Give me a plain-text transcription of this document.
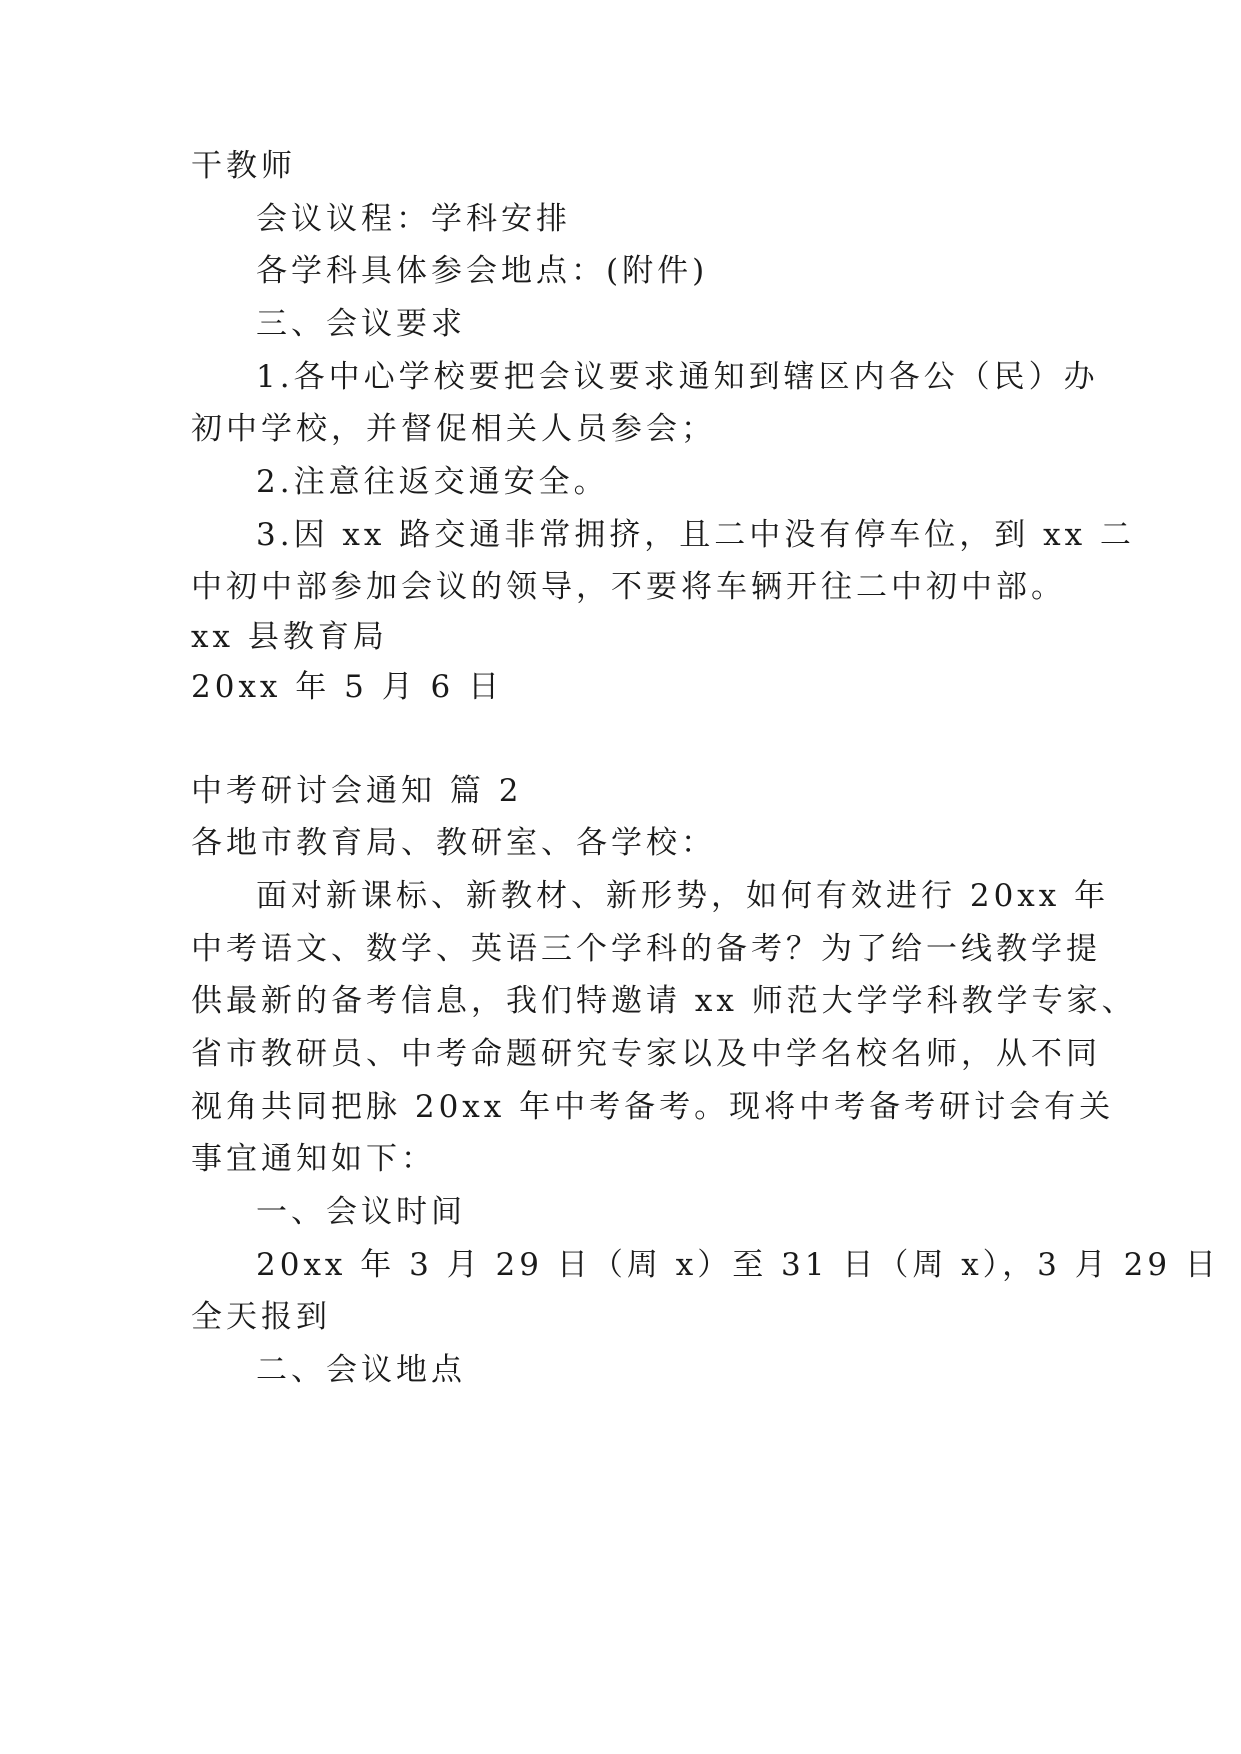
干教师
会议议程：学科安排
各学科具体参会地点：(附件)
三、会议要求
1.各中心学校要把会议要求通知到辖区内各公（民）办
初中学校，并督促相关人员参会；
2.注意往返交通安全。
3.因 xx 路交通非常拥挤，且二中没有停车位，到 xx 二
中初中部参加会议的领导，不要将车辆开往二中初中部。
xx 县教育局
20xx 年 5 月 6 日
中考研讨会通知 篇 2
各地市教育局、教研室、各学校：
面对新课标、新教材、新形势，如何有效进行 20xx 年
中考语文、数学、英语三个学科的备考？为了给一线教学提
供最新的备考信息，我们特邀请 xx 师范大学学科教学专家、
省市教研员、中考命题研究专家以及中学名校名师，从不同
视角共同把脉 20xx 年中考备考。现将中考备考研讨会有关
事宜通知如下：
一、会议时间
20xx 年 3 月 29 日（周 x）至 31 日（周 x），3 月 29 日
全天报到
二、会议地点
